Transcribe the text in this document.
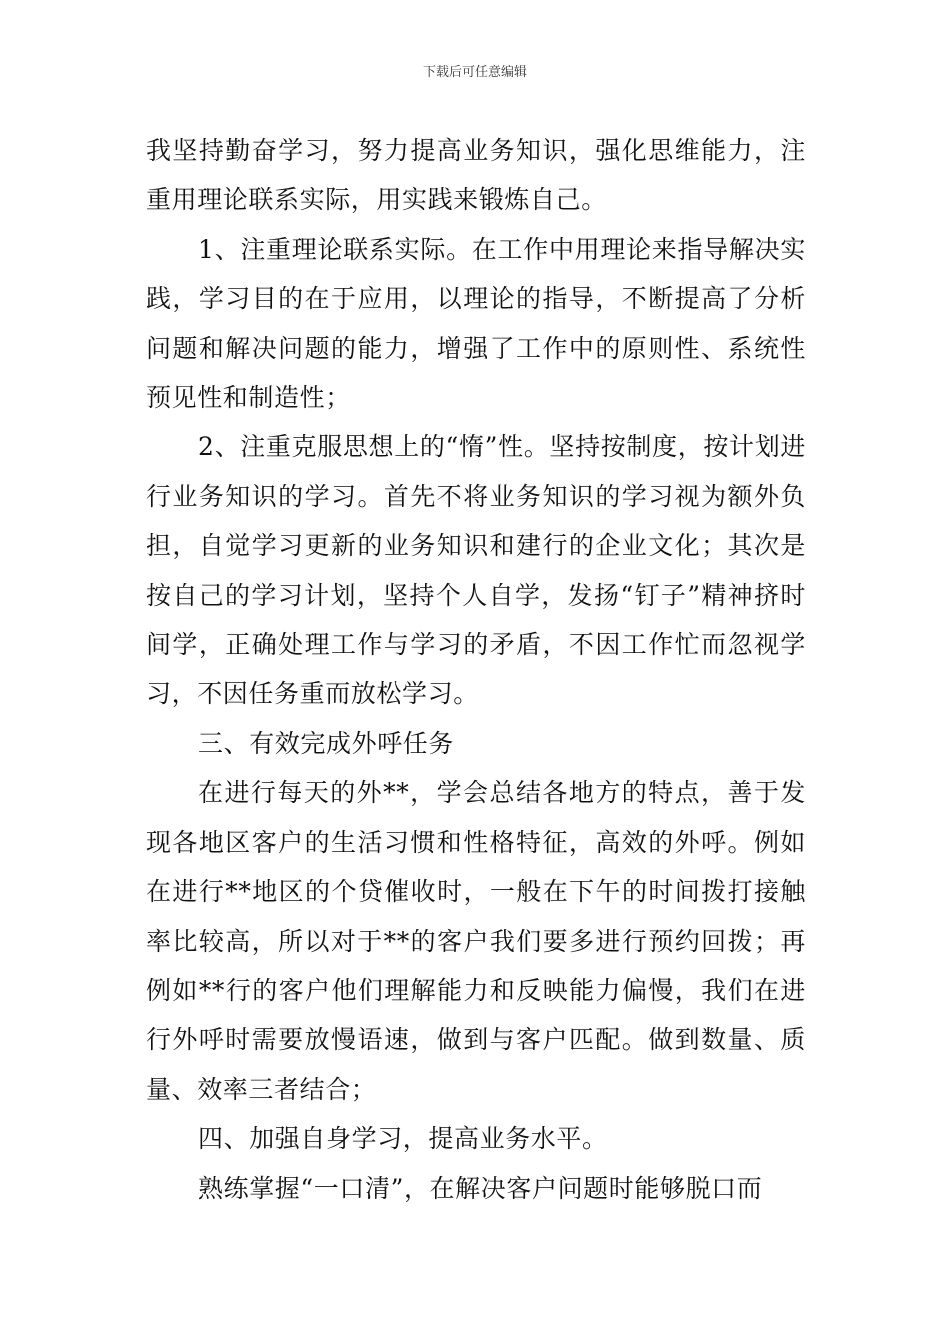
下载后可任意编辑

我坚持勤奋学习，努力提高业务知识，强化思维能力，注重用理论联系实际，用实践来锻炼自己。

1、注重理论联系实际。在工作中用理论来指导解决实践，学习目的在于应用，以理论的指导，不断提高了分析问题和解决问题的能力，增强了工作中的原则性、系统性预见性和制造性；

2、注重克服思想上的“惰”性。坚持按制度，按计划进行业务知识的学习。首先不将业务知识的学习视为额外负担，自觉学习更新的业务知识和建行的企业文化；其次是按自己的学习计划，坚持个人自学，发扬“钉子”精神挤时间学，正确处理工作与学习的矛盾，不因工作忙而忽视学习，不因任务重而放松学习。

三、有效完成外呼任务

在进行每天的外**，学会总结各地方的特点，善于发现各地区客户的生活习惯和性格特征，高效的外呼。例如在进行**地区的个贷催收时，一般在下午的时间拨打接触率比较高，所以对于**的客户我们要多进行预约回拨；再例如**行的客户他们理解能力和反映能力偏慢，我们在进行外呼时需要放慢语速，做到与客户匹配。做到数量、质量、效率三者结合；

四、加强自身学习，提高业务水平。

熟练掌握“一口清”，在解决客户问题时能够脱口而
